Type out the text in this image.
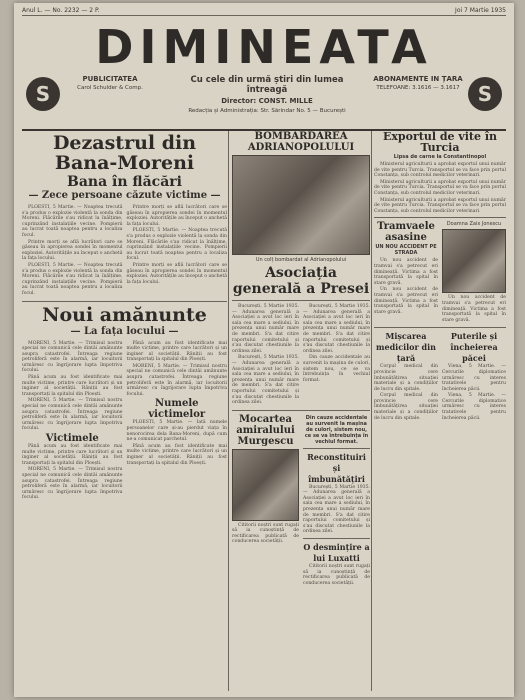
Anul L. — No. 2232 — 2 P.	Joi 7 Martie 1935
DIMINEATA
S	S
PUBLICITATEA
Carol Schulder & Comp.
Cu cele din urmă știri din lumea întreagă
Director: CONST. MILLE
Redacția și Administrația: Str. Sărindar No. 5 — București
ABONAMENTE IN ȚARA
TELEFOANE: 3.1616 — 3.1617
Dezastrul din Bana-Moreni
Bana în flăcări
— Zece persoane căzute victime —

PLOESTI, 5 Martie. — Noaptea trecută s'a produs o explozie violentă la sonda din Moreni. Flăcările s'au ridicat la înălțime, cuprinzând instalațiile vecine. Pompierii au lucrat toată noaptea pentru a localiza focul.

Printre morți se află lucrători care se găseau în apropierea sondei în momentul exploziei. Autoritățile au început o anchetă la fața locului.

PLOESTI, 5 Martie. — Noaptea trecută s'a produs o explozie violentă la sonda din Moreni. Flăcările s'au ridicat la înălțime, cuprinzând instalațiile vecine. Pompierii au lucrat toată noaptea pentru a localiza focul.

Printre morți se află lucrători care se găseau în apropierea sondei în momentul exploziei. Autoritățile au început o anchetă la fața locului.

PLOESTI, 5 Martie. — Noaptea trecută s'a produs o explozie violentă la sonda din Moreni. Flăcările s'au ridicat la înălțime, cuprinzând instalațiile vecine. Pompierii au lucrat toată noaptea pentru a localiza focul.

Printre morți se află lucrători care se găseau în apropierea sondei în momentul exploziei. Autoritățile au început o anchetă la fața locului.

Noui amănunte
— La fața locului —

MORENI, 5 Martie. — Trimisul nostru special ne comunică cele dintâi amănunte asupra catastrofei. Întreaga regiune petroliferă este în alarmă, iar locuitorii urmăresc cu îngrijorare lupta împotriva focului.

Până acum au fost identificate mai multe victime, printre care lucrători și un inginer al societății. Răniții au fost transportați la spitalul din Ploești.

MORENI, 5 Martie. — Trimisul nostru special ne comunică cele dintâi amănunte asupra catastrofei. Întreaga regiune petroliferă este în alarmă, iar locuitorii urmăresc cu îngrijorare lupta împotriva focului.

Victimele

Până acum au fost identificate mai multe victime, printre care lucrători și un inginer al societății. Răniții au fost transportați la spitalul din Ploești.

MORENI, 5 Martie. — Trimisul nostru special ne comunică cele dintâi amănunte asupra catastrofei. Întreaga regiune petroliferă este în alarmă, iar locuitorii urmăresc cu îngrijorare lupta împotriva focului.

Până acum au fost identificate mai multe victime, printre care lucrători și un inginer al societății. Răniții au fost transportați la spitalul din Ploești.

MORENI, 5 Martie. — Trimisul nostru special ne comunică cele dintâi amănunte asupra catastrofei. Întreaga regiune petroliferă este în alarmă, iar locuitorii urmăresc cu îngrijorare lupta împotriva focului.

Numele victimelor

PLOESTI, 5 Martie. — Iată numele persoanelor care și-au pierdut viața în nenorocirea dela Bana-Moreni, după cum ne-a comunicat parchetul.

Până acum au fost identificate mai multe victime, printre care lucrători și un inginer al societății. Răniții au fost transportați la spitalul din Ploești.

BOMBARDAREA ADRIANOPOLULUI
Un colț bombardat al Adrianopolului
Asociația generală a Presei

București, 5 Martie 1935. — Adunarea generală a Asociației a avut loc ieri în sala cea mare a sediului, în prezența unui număr mare de membri. S'a dat citire raportului comitetului și s'au discutat chestiunile la ordinea zilei.

București, 5 Martie 1935. — Adunarea generală a Asociației a avut loc ieri în sala cea mare a sediului, în prezența unui număr mare de membri. S'a dat citire raportului comitetului și s'au discutat chestiunile la ordinea zilei.

București, 5 Martie 1935. — Adunarea generală a Asociației a avut loc ieri în sala cea mare a sediului, în prezența unui număr mare de membri. S'a dat citire raportului comitetului și s'au discutat chestiunile la ordinea zilei.

Din cauze accidentale au survenit la mașina de culori, sistem nou, ce se va întrebuința în vechiul format.

Mocartea amiralului Murgescu

Cititorii noștri sunt rugați să ia cunoștință de rectificarea publicată de conducerea societății.

Din cauze accidentale au survenit la mașina de culori, sistem nou, ce se va întrebuința în vechiul format.
Reconstituiri și îmbunătățiri

București, 5 Martie 1935. — Adunarea generală a Asociației a avut loc ieri în sala cea mare a sediului, în prezența unui număr mare de membri. S'a dat citire raportului comitetului și s'au discutat chestiunile la ordinea zilei.

O desmințire a lui Luxatti

Cititorii noștri sunt rugați să ia cunoștință de rectificarea publicată de conducerea societății.

Exportul de vite în Turcia
Lipsa de carne la Constantinopol

Ministerul agriculturii a aprobat exportul unui număr de vite pentru Turcia. Transportul se va face prin portul Constanța, sub controlul medicilor veterinari.

Ministerul agriculturii a aprobat exportul unui număr de vite pentru Turcia. Transportul se va face prin portul Constanța, sub controlul medicilor veterinari.

Ministerul agriculturii a aprobat exportul unui număr de vite pentru Turcia. Transportul se va face prin portul Constanța, sub controlul medicilor veterinari.

Tramvaele asasine
UN NOU ACCIDENT PE STRADA

Un nou accident de tramvai s'a petrecut eri dimineață. Victima a fost transportată la spital în stare gravă.

Un nou accident de tramvai s'a petrecut eri dimineață. Victima a fost transportată la spital în stare gravă.

Doamna Zaix Jonescu

Un nou accident de tramvai s'a petrecut eri dimineață. Victima a fost transportată la spital în stare gravă.

Mișcarea medicilor din țară

Corpul medical din provincie cere îmbunătățirea situației materiale și a condițiilor de lucru din spitale.

Corpul medical din provincie cere îmbunătățirea situației materiale și a condițiilor de lucru din spitale.

Puterile și încheierea păcei

Viena, 5 Martie. — Cercurile diplomatice urmăresc cu interes tratativele pentru încheierea păcii.

Viena, 5 Martie. — Cercurile diplomatice urmăresc cu interes tratativele pentru încheierea păcii.
